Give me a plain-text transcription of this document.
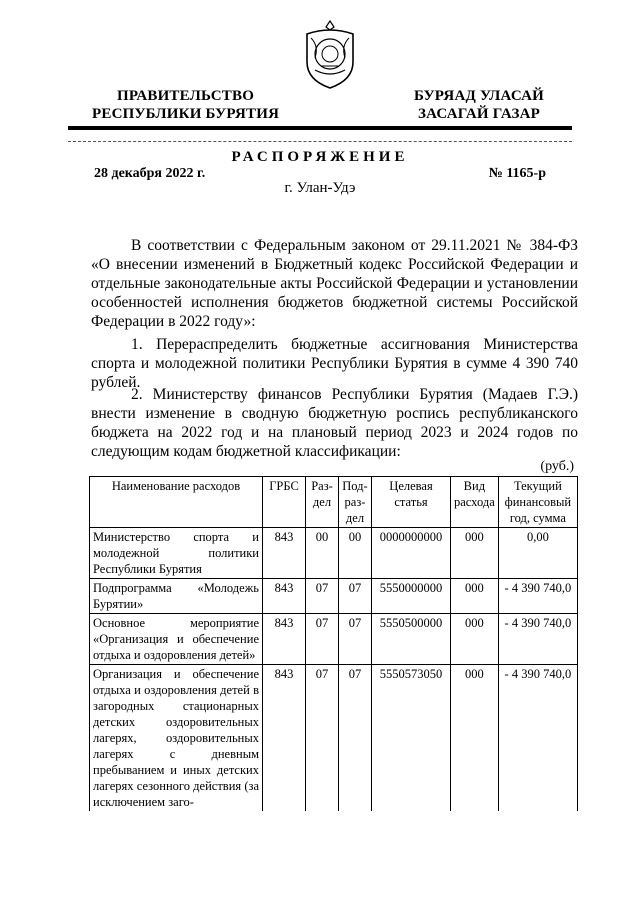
ПРАВИТЕЛЬСТВО
РЕСПУБЛИКИ БУРЯТИЯ
БУРЯАД УЛАСАЙ
ЗАСАГАЙ ГАЗАР
РАСПОРЯЖЕНИЕ
28 декабря 2022 г.	№ 1165-р
г. Улан-Удэ
В соответствии с Федеральным законом от 29.11.2021 № 384-ФЗ «О внесении изменений в Бюджетный кодекс Российской Федерации и отдельные законодательные акты Российской Федерации и установлении особенностей исполнения бюджетов бюджетной системы Российской Федерации в 2022 году»:
1. Перераспределить бюджетные ассигнования Министерства спорта и молодежной политики Республики Бурятия в сумме 4 390 740 рублей.
2. Министерству финансов Республики Бурятия (Мадаев Г.Э.) внести изменение в сводную бюджетную роспись республиканского бюджета на 2022 год и на плановый период 2023 и 2024 годов по следующим кодам бюджетной классификации:
(руб.)
Наименование расходов	ГРБС	Раз-дел	Под-раз-дел	Целевая статья	Вид расхода	Текущий финансовый год, сумма
Министерство спорта и молодежной политики Республики Бурятия	843	00	00	0000000000	000	0,00
Подпрограмма «Молодежь Бурятии»	843	07	07	5550000000	000	- 4 390 740,0
Основное мероприятие «Организация и обеспечение отдыха и оздоровления детей»	843	07	07	5550500000	000	- 4 390 740,0
Организация и обеспечение отдыха и оздоровления детей в загородных стационарных детских оздоровительных лагерях, оздоровительных лагерях с дневным пребыванием и иных детских лагерях сезонного действия (за исключением заго-	843	07	07	5550573050	000	- 4 390 740,0
